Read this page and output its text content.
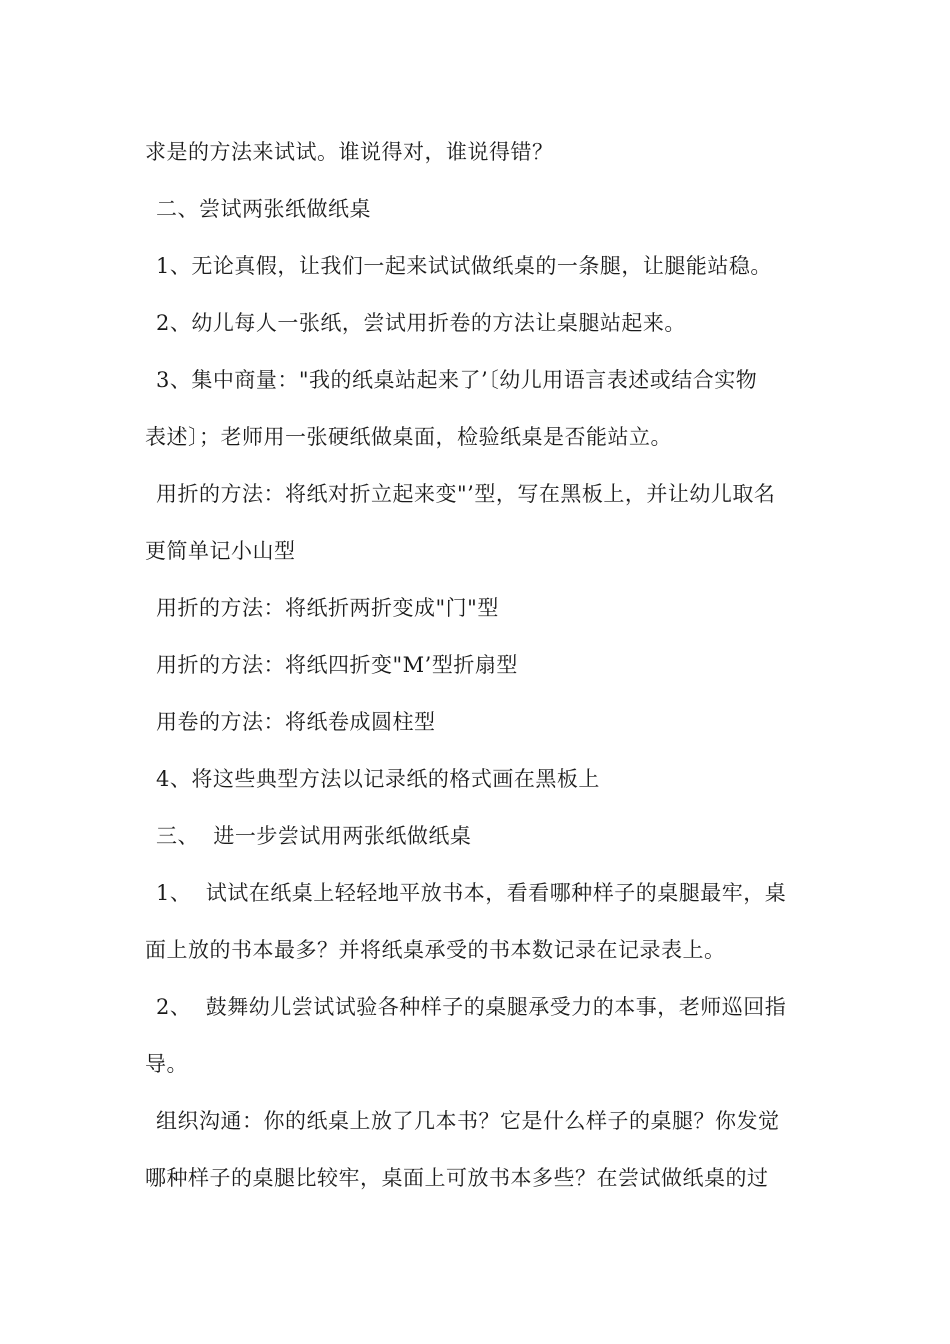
求是的方法来试试。谁说得对，谁说得错？
二、尝试两张纸做纸桌
1、无论真假，让我们一起来试试做纸桌的一条腿，让腿能站稳。
2、幼儿每人一张纸，尝试用折卷的方法让桌腿站起来。
3、集中商量："我的纸桌站起来了’〔幼儿用语言表述或结合实物
表述〕；老师用一张硬纸做桌面，检验纸桌是否能站立。
用折的方法：将纸对折立起来变"’型，写在黑板上，并让幼儿取名
更简单记小山型
用折的方法：将纸折两折变成"门"型
用折的方法：将纸四折变"M’型折扇型
用卷的方法：将纸卷成圆柱型
4、将这些典型方法以记录纸的格式画在黑板上
三、  进一步尝试用两张纸做纸桌
1、  试试在纸桌上轻轻地平放书本，看看哪种样子的桌腿最牢，桌
面上放的书本最多？并将纸桌承受的书本数记录在记录表上。
2、  鼓舞幼儿尝试试验各种样子的桌腿承受力的本事，老师巡回指
导。
组织沟通：你的纸桌上放了几本书？它是什么样子的桌腿？你发觉
哪种样子的桌腿比较牢，桌面上可放书本多些？在尝试做纸桌的过
